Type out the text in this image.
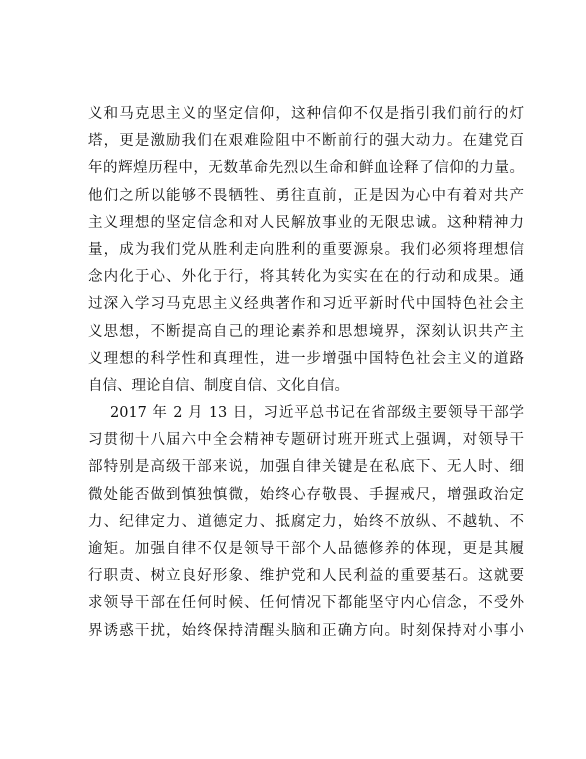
义和马克思主义的坚定信仰，这种信仰不仅是指引我们前行的灯
塔，更是激励我们在艰难险阻中不断前行的强大动力。在建党百
年的辉煌历程中，无数革命先烈以生命和鲜血诠释了信仰的力量。
他们之所以能够不畏牺牲、勇往直前，正是因为心中有着对共产
主义理想的坚定信念和对人民解放事业的无限忠诚。这种精神力
量，成为我们党从胜利走向胜利的重要源泉。我们必须将理想信
念内化于心、外化于行，将其转化为实实在在的行动和成果。通
过深入学习马克思主义经典著作和习近平新时代中国特色社会主
义思想，不断提高自己的理论素养和思想境界，深刻认识共产主
义理想的科学性和真理性，进一步增强中国特色社会主义的道路
自信、理论自信、制度自信、文化自信。
2017 年 2 月 13 日，习近平总书记在省部级主要领导干部学
习贯彻十八届六中全会精神专题研讨班开班式上强调，对领导干
部特别是高级干部来说，加强自律关键是在私底下、无人时、细
微处能否做到慎独慎微，始终心存敬畏、手握戒尺，增强政治定
力、纪律定力、道德定力、抵腐定力，始终不放纵、不越轨、不
逾矩。加强自律不仅是领导干部个人品德修养的体现，更是其履
行职责、树立良好形象、维护党和人民利益的重要基石。这就要
求领导干部在任何时候、任何情况下都能坚守内心信念，不受外
界诱惑干扰，始终保持清醒头脑和正确方向。时刻保持对小事小
